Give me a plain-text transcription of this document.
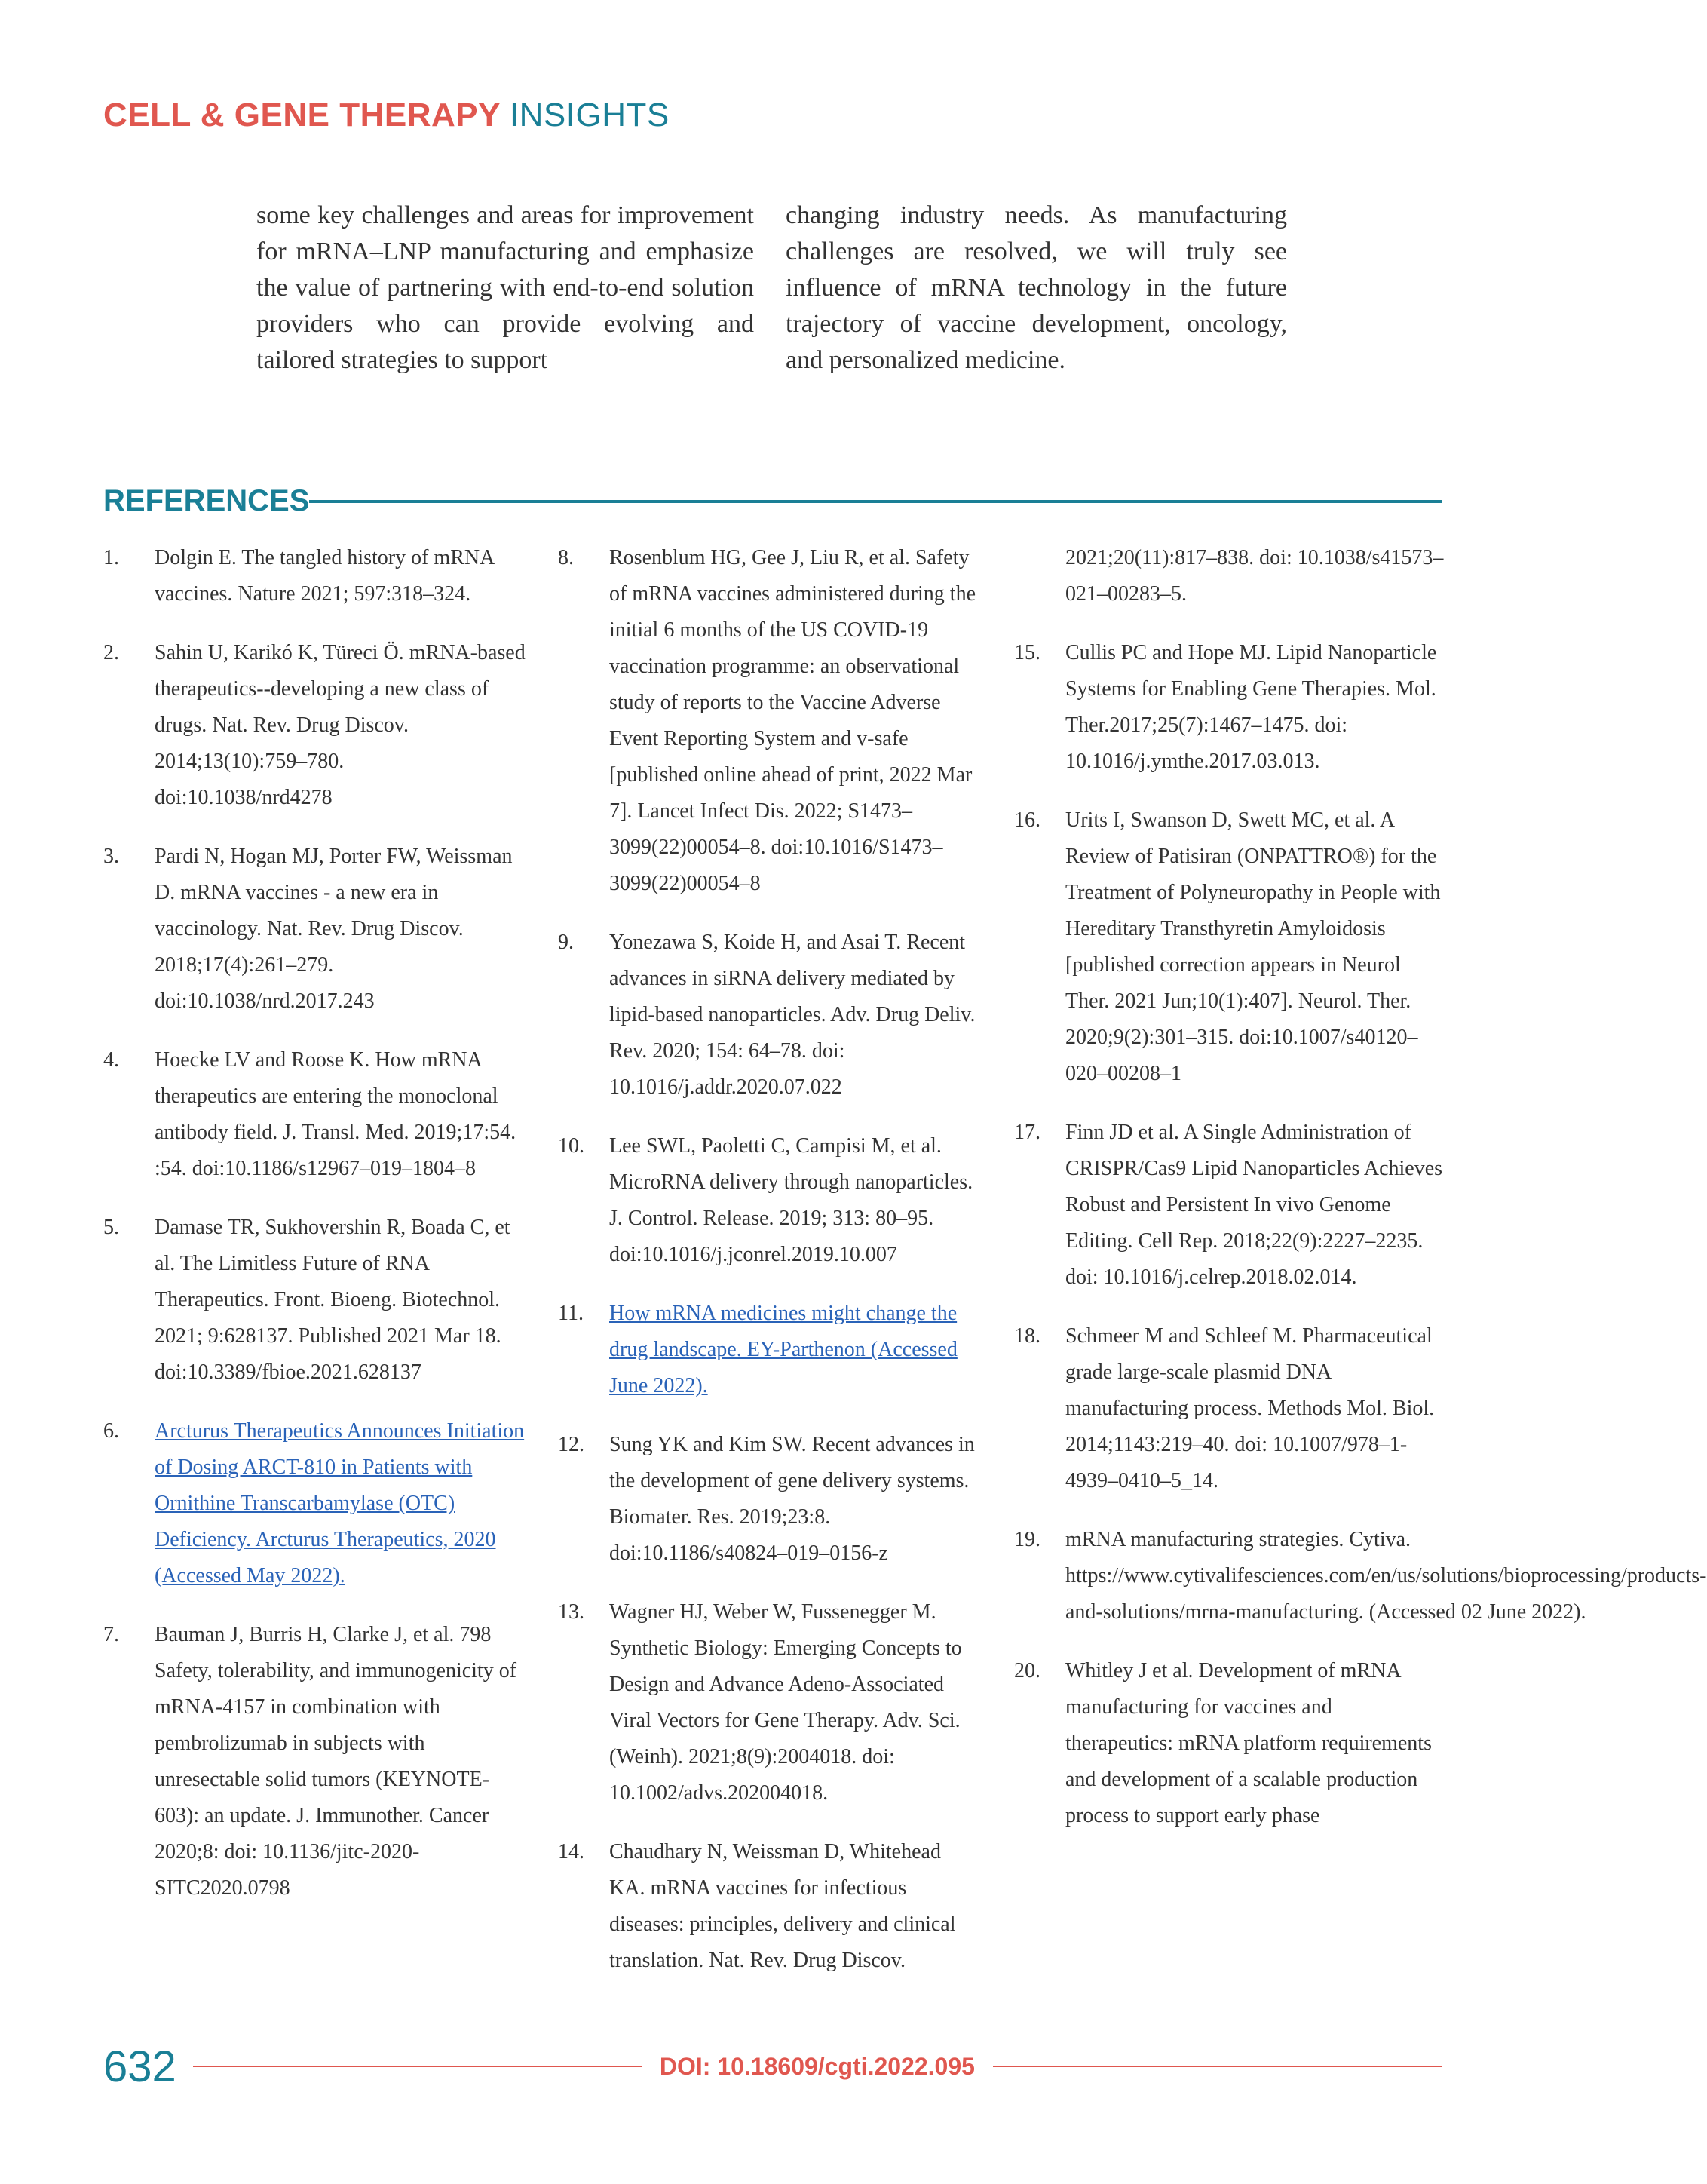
CELL & GENE THERAPY INSIGHTS

some key challenges and areas for improvement for mRNA–LNP manufacturing and emphasize the value of partnering with end-to-end solution providers who can provide evolving and tailored strategies to support

changing industry needs. As manufacturing challenges are resolved, we will truly see influence of mRNA technology in the future trajectory of vaccine development, oncology, and personalized medicine.

REFERENCES
1.	Dolgin E. The tangled history of mRNA vaccines. Nature 2021; 597:318–324.
2.	Sahin U, Karikó K, Türeci Ö. mRNA-based therapeutics--developing a new class of drugs. Nat. Rev. Drug Discov. 2014;13(10):759–780. doi:10.1038/nrd4278
3.	Pardi N, Hogan MJ, Porter FW, Weissman D. mRNA vaccines - a new era in vaccinology. Nat. Rev. Drug Discov. 2018;17(4):261–279. doi:10.1038/nrd.2017.243
4.	Hoecke LV and Roose K. How mRNA therapeutics are entering the monoclonal antibody field. J. Transl. Med. 2019;17:54. :54. doi:10.1186/s12967–019–1804–8
5.	Damase TR, Sukhovershin R, Boada C, et al. The Limitless Future of RNA Therapeutics. Front. Bioeng. Biotechnol. 2021; 9:628137. Published 2021 Mar 18. doi:10.3389/fbioe.2021.628137
6.	Arcturus Therapeutics Announces Initiation of Dosing ARCT-810 in Patients with Ornithine Transcarbamylase (OTC) Deficiency. Arcturus Therapeutics, 2020 (Accessed May 2022).
7.	Bauman J, Burris H, Clarke J, et al. 798 Safety, tolerability, and immunogenicity of mRNA-4157 in combination with pembrolizumab in subjects with unresectable solid tumors (KEYNOTE-603): an update. J. Immunother. Cancer 2020;8: doi: 10.1136/jitc-2020-SITC2020.0798
8.	Rosenblum HG, Gee J, Liu R, et al. Safety of mRNA vaccines administered during the initial 6 months of the US COVID-19 vaccination programme: an observational study of reports to the Vaccine Adverse Event Reporting System and v-safe [published online ahead of print, 2022 Mar 7]. Lancet Infect Dis. 2022; S1473–3099(22)00054–8. doi:10.1016/S1473–3099(22)00054–8
9.	Yonezawa S, Koide H, and Asai T. Recent advances in siRNA delivery mediated by lipid-based nanoparticles. Adv. Drug Deliv. Rev. 2020; 154: 64–78. doi: 10.1016/j.addr.2020.07.022
10.	Lee SWL, Paoletti C, Campisi M, et al. MicroRNA delivery through nanoparticles. J. Control. Release. 2019; 313: 80–95. doi:10.1016/j.jconrel.2019.10.007
11.	How mRNA medicines might change the drug landscape. EY-Parthenon (Accessed June 2022).
12.	Sung YK and Kim SW. Recent advances in the development of gene delivery systems. Biomater. Res. 2019;23:8. doi:10.1186/s40824–019–0156-z
13.	Wagner HJ, Weber W, Fussenegger M. Synthetic Biology: Emerging Concepts to Design and Advance Adeno-Associated Viral Vectors for Gene Therapy. Adv. Sci. (Weinh). 2021;8(9):2004018. doi: 10.1002/advs.202004018.
14.	Chaudhary N, Weissman D, Whitehead KA. mRNA vaccines for infectious diseases: principles, delivery and clinical translation. Nat. Rev. Drug Discov.
2021;20(11):817–838. doi: 10.1038/s41573–021–00283–5.
15.	Cullis PC and Hope MJ. Lipid Nanoparticle Systems for Enabling Gene Therapies. Mol. Ther.2017;25(7):1467–1475. doi: 10.1016/j.ymthe.2017.03.013.
16.	Urits I, Swanson D, Swett MC, et al. A Review of Patisiran (ONPATTRO®) for the Treatment of Polyneuropathy in People with Hereditary Transthyretin Amyloidosis [published correction appears in Neurol Ther. 2021 Jun;10(1):407]. Neurol. Ther. 2020;9(2):301–315. doi:10.1007/s40120–020–00208–1
17.	Finn JD et al. A Single Administration of CRISPR/Cas9 Lipid Nanoparticles Achieves Robust and Persistent In vivo Genome Editing. Cell Rep. 2018;22(9):2227–2235. doi: 10.1016/j.celrep.2018.02.014.
18.	Schmeer M and Schleef M. Pharmaceutical grade large-scale plasmid DNA manufacturing process. Methods Mol. Biol. 2014;1143:219–40. doi: 10.1007/978–1-4939–0410–5_14.
19.	mRNA manufacturing strategies. Cytiva. https://www.cytivalifesciences.com/en/us/solutions/bioprocessing/products-and-solutions/mrna-manufacturing. (Accessed 02 June 2022).
20.	Whitley J et al. Development of mRNA manufacturing for vaccines and therapeutics: mRNA platform requirements and development of a scalable production process to support early phase
632	DOI: 10.18609/cgti.2022.095
